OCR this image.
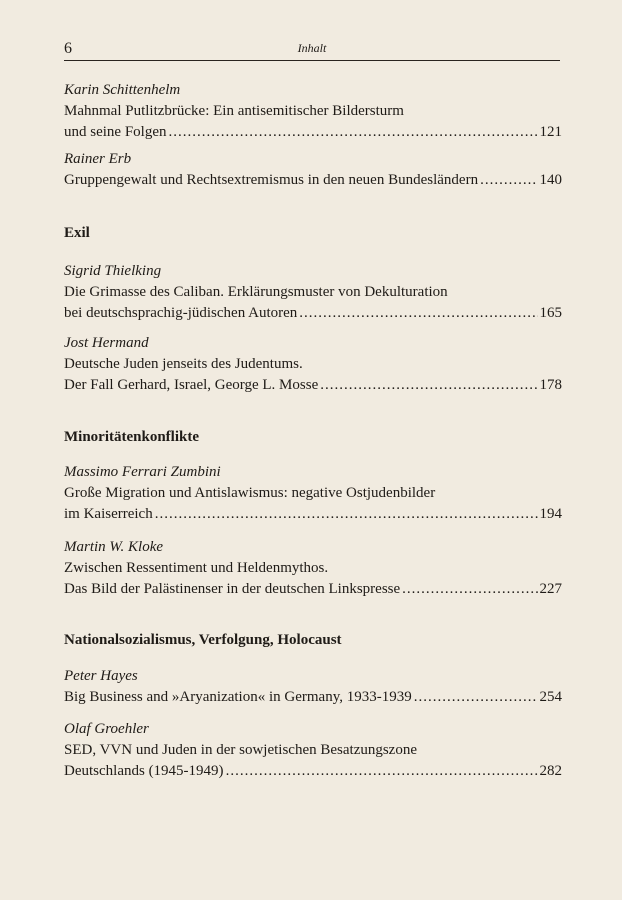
6	Inhalt
Karin Schittenhelm
Mahnmal Putlitzbrücke: Ein antisemitischer Bildersturm
und seine Folgen .....	121
Rainer Erb
Gruppengewalt und Rechtsextremismus in den neuen Bundesländern .....	140
Exil
Sigrid Thielking
Die Grimasse des Caliban. Erklärungsmuster von Dekulturation
bei deutschsprachig-jüdischen Autoren .....	165
Jost Hermand
Deutsche Juden jenseits des Judentums.
Der Fall Gerhard, Israel, George L. Mosse .....	178
Minoritätenkonflikte
Massimo Ferrari Zumbini
Große Migration und Antislawismus: negative Ostjudenbilder
im Kaiserreich .....	194
Martin W. Kloke
Zwischen Ressentiment und Heldenmythos.
Das Bild der Palästinenser in der deutschen Linkspresse .....	227
Nationalsozialismus, Verfolgung, Holocaust
Peter Hayes
Big Business and »Aryanization« in Germany, 1933-1939 .....	254
Olaf Groehler
SED, VVN und Juden in der sowjetischen Besatzungszone
Deutschlands (1945-1949) .....	282
